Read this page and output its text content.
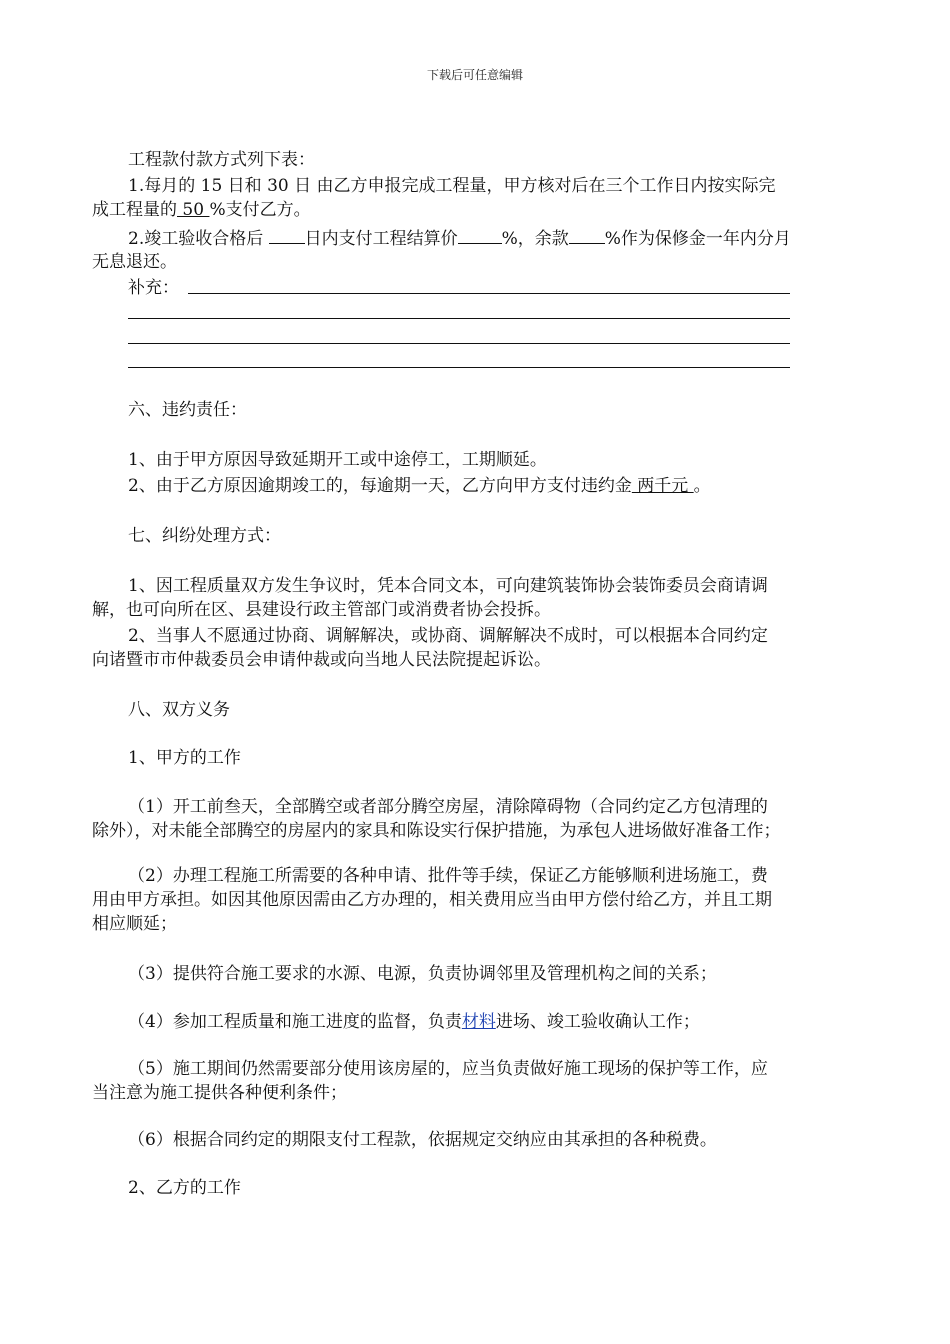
下载后可任意编辑
工程款付款方式列下表：
1.每月的 15 日和 30 日 由乙方申报完成工程量，甲方核对后在三个工作日内按实际完
成工程量的 50 %支付乙方。
2.竣工验收合格后 日内支付工程结算价	%，余款 %作为保修金一年内分月
无息退还。
补充：
六、违约责任：
1、由于甲方原因导致延期开工或中途停工，工期顺延。
2、由于乙方原因逾期竣工的，每逾期一天，乙方向甲方支付违约金 两千元 。
七、纠纷处理方式：
1、因工程质量双方发生争议时，凭本合同文本，可向建筑装饰协会装饰委员会商请调
解，也可向所在区、县建设行政主管部门或消费者协会投拆。
2、当事人不愿通过协商、调解解决，或协商、调解解决不成时，可以根据本合同约定
向诸暨市市仲裁委员会申请仲裁或向当地人民法院提起诉讼。
八、双方义务
1、甲方的工作
（1）开工前叁天，全部腾空或者部分腾空房屋，清除障碍物（合同约定乙方包清理的
除外），对未能全部腾空的房屋内的家具和陈设实行保护措施，为承包人进场做好准备工作；
（2）办理工程施工所需要的各种申请、批件等手续，保证乙方能够顺利进场施工，费
用由甲方承担。如因其他原因需由乙方办理的，相关费用应当由甲方偿付给乙方，并且工期
相应顺延；
（3）提供符合施工要求的水源、电源，负责协调邻里及管理机构之间的关系；
（4）参加工程质量和施工进度的监督，负责材料进场、竣工验收确认工作；
（5）施工期间仍然需要部分使用该房屋的，应当负责做好施工现场的保护等工作，应
当注意为施工提供各种便利条件；
（6）根据合同约定的期限支付工程款，依据规定交纳应由其承担的各种税费。
2、乙方的工作
